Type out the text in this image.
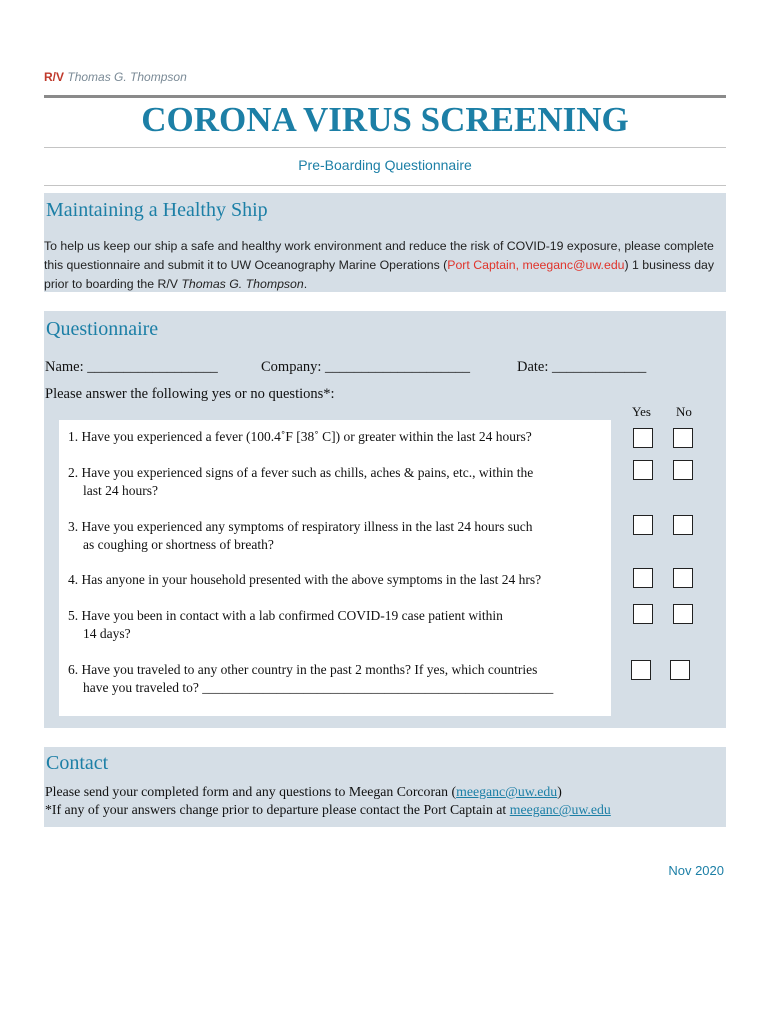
R/V Thomas G. Thompson
CORONA VIRUS SCREENING
Pre-Boarding Questionnaire
Maintaining a Healthy Ship
To help us keep our ship a safe and healthy work environment and reduce the risk of COVID-19 exposure, please complete this questionnaire and submit it to UW Oceanography Marine Operations (Port Captain, meeganc@uw.edu) 1 business day prior to boarding the R/V Thomas G. Thompson.
Questionnaire
Name: __________________	Company: ____________________	Date: _____________
Please answer the following yes or no questions*:
Yes No
1. Have you experienced a fever (100.4˚F [38˚ C]) or greater within the last 24 hours?
2. Have you experienced signs of a fever such as chills, aches & pains, etc., within the
last 24 hours?
3. Have you experienced any symptoms of respiratory illness in the last 24 hours such
as coughing or shortness of breath?
4. Has anyone in your household presented with the above symptoms in the last 24 hrs?
5. Have you been in contact with a lab confirmed COVID-19 case patient within
14 days?
6. Have you traveled to any other country in the past 2 months? If yes, which countries
have you traveled to? ____________________________________________________
Contact
Please send your completed form and any questions to Meegan Corcoran (meeganc@uw.edu)
*If any of your answers change prior to departure please contact the Port Captain at meeganc@uw.edu
Nov 2020
